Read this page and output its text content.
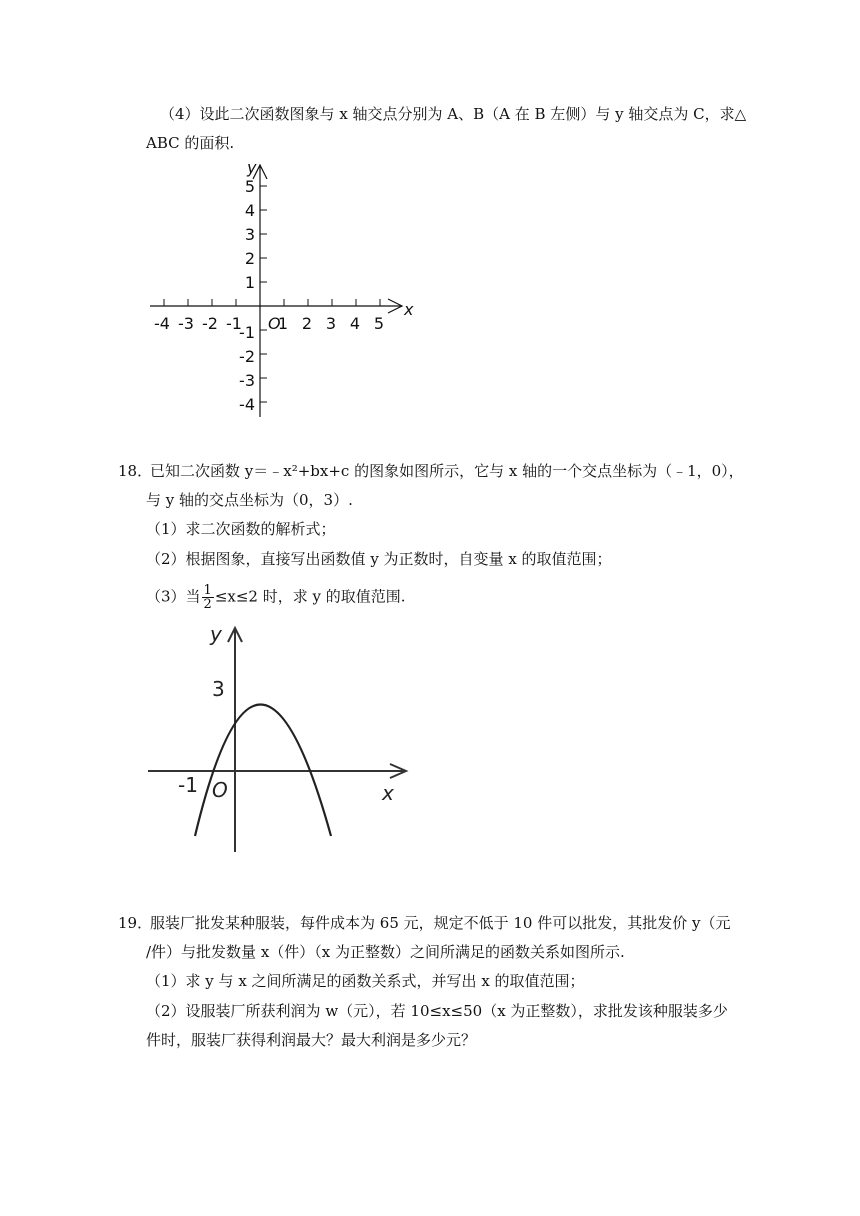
（4）设此二次函数图象与 x 轴交点分别为 A、B（A 在 B 左侧）与 y 轴交点为 C，求△
ABC 的面积.
-4 -3 -2 -1 1 2 3 4 5
5
4
3
2
1
-1
-2
-3
-4
O
x
y
18．
已知二次函数 y＝﹣x²+bx+c 的图象如图所示，它与 x 轴的一个交点坐标为（﹣1，0），
与 y 轴的交点坐标为（0，3）.
（1）求二次函数的解析式；
（2）根据图象，直接写出函数值 y 为正数时，自变量 x 的取值范围；
（3）当 $\frac{1}{2} \le x\le 2$ 时，求 y 的取值范围.
y
x
O
3
-1
19．
服装厂批发某种服装，每件成本为 65 元，规定不低于 10 件可以批发，其批发价 y（元
/件）与批发数量 x（件）（x 为正整数）之间所满足的函数关系如图所示.
（1）求 y 与 x 之间所满足的函数关系式，并写出 x 的取值范围；
（2）设服装厂所获利润为 w（元），若 10≤x≤50（x 为正整数），求批发该种服装多少
件时，服装厂获得利润最大？最大利润是多少元？
